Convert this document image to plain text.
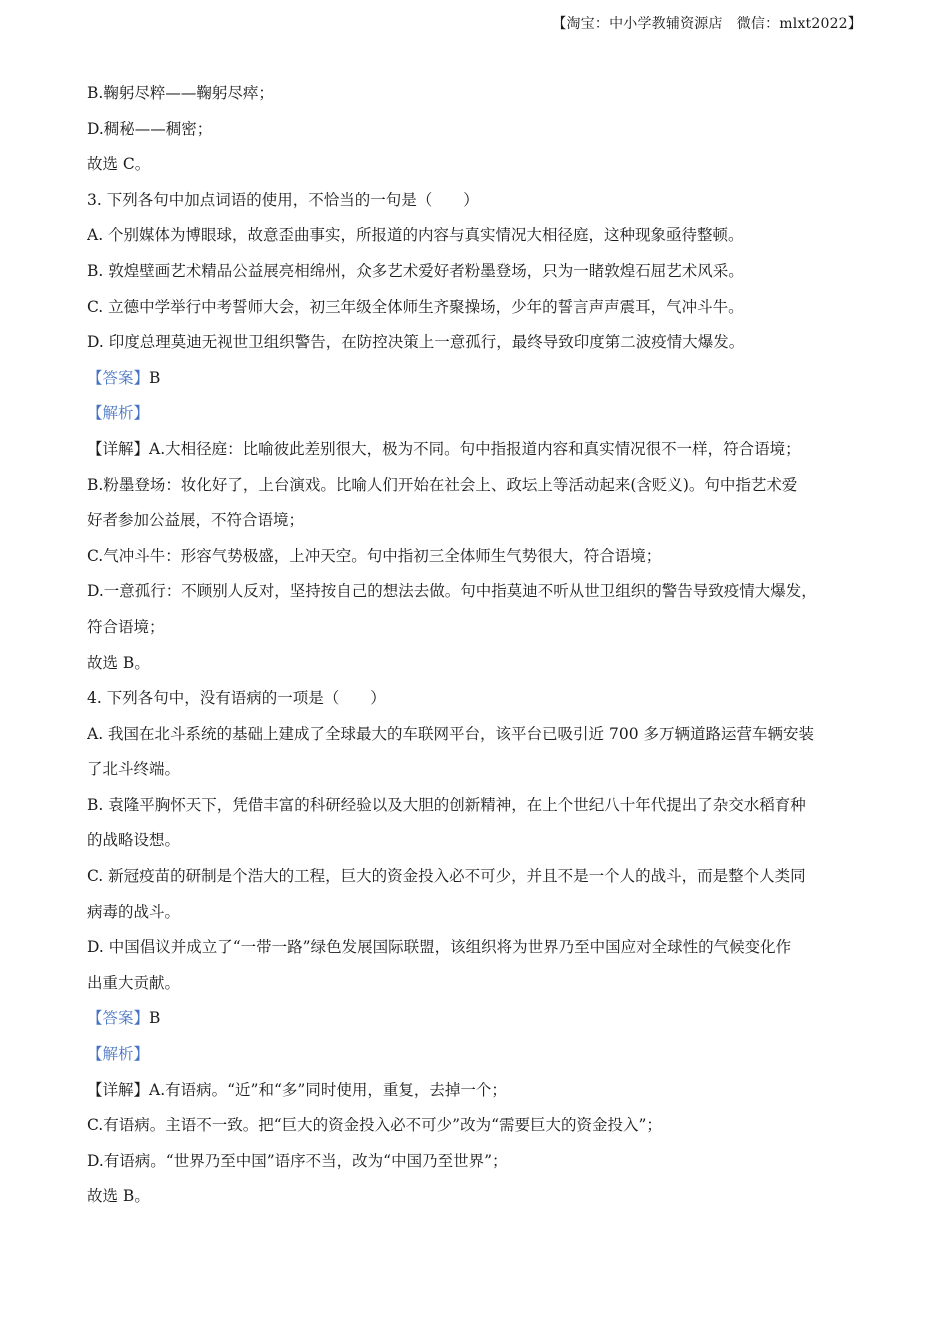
【淘宝：中小学教辅资源店 微信：mlxt2022】
B.鞠躬尽粹——鞠躬尽瘁；
D.稠秘——稠密；
故选 C。
3. 下列各句中加点词语的使用，不恰当的一句是（　　）
A. 个别媒体为博眼球，故意歪曲事实，所报道的内容与真实情况大相径庭，这种现象亟待整顿。
B. 敦煌壁画艺术精品公益展亮相绵州，众多艺术爱好者粉墨登场，只为一睹敦煌石屈艺术风采。
C. 立德中学举行中考誓师大会，初三年级全体师生齐聚操场，少年的誓言声声震耳，气冲斗牛。
D. 印度总理莫迪无视世卫组织警告，在防控决策上一意孤行，最终导致印度第二波疫情大爆发。
【答案】B
【解析】
【详解】A.大相径庭：比喻彼此差别很大，极为不同。句中指报道内容和真实情况很不一样，符合语境；
B.粉墨登场：妆化好了，上台演戏。比喻人们开始在社会上、政坛上等活动起来(含贬义)。句中指艺术爱
好者参加公益展，不符合语境；
C.气冲斗牛：形容气势极盛，上冲天空。句中指初三全体师生气势很大，符合语境；
D.一意孤行：不顾别人反对，坚持按自己的想法去做。句中指莫迪不听从世卫组织的警告导致疫情大爆发，
符合语境；
故选 B。
4. 下列各句中，没有语病的一项是（　　）
A. 我国在北斗系统的基础上建成了全球最大的车联网平台，该平台已吸引近 700 多万辆道路运营车辆安装
了北斗终端。
B. 袁隆平胸怀天下，凭借丰富的科研经验以及大胆的创新精神，在上个世纪八十年代提出了杂交水稻育种
的战略设想。
C. 新冠疫苗的研制是个浩大的工程，巨大的资金投入必不可少，并且不是一个人的战斗，而是整个人类同
病毒的战斗。
D. 中国倡议并成立了“一带一路”绿色发展国际联盟，该组织将为世界乃至中国应对全球性的气候变化作
出重大贡献。
【答案】B
【解析】
【详解】A.有语病。“近”和“多”同时使用，重复，去掉一个；
C.有语病。主语不一致。把“巨大的资金投入必不可少”改为“需要巨大的资金投入”；
D.有语病。“世界乃至中国”语序不当，改为“中国乃至世界”；
故选 B。
